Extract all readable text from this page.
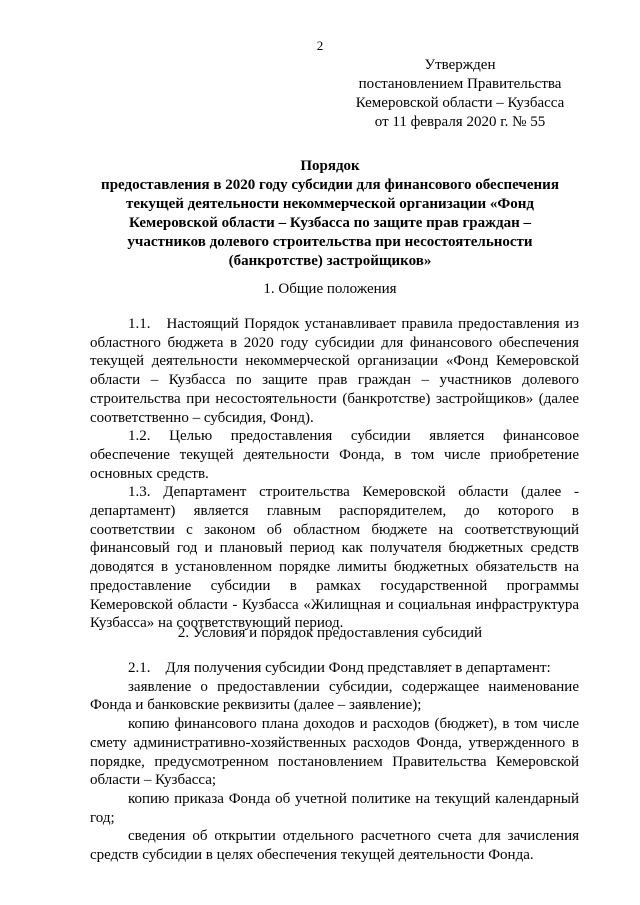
2
Утвержден
постановлением Правительства
Кемеровской области – Кузбасса
от 11 февраля 2020 г. № 55
Порядок
предоставления в 2020 году субсидии для финансового обеспечения
текущей деятельности некоммерческой организации «Фонд
Кемеровской области – Кузбасса по защите прав граждан –
участников долевого строительства при несостоятельности
(банкротстве) застройщиков»
1. Общие положения

1.1.   Настоящий Порядок устанавливает правила предоставления из областного бюджета в 2020 году субсидии для финансового обеспечения текущей деятельности некоммерческой организации «Фонд Кемеровской области – Кузбасса по защите прав граждан – участников долевого строительства при несостоятельности (банкротстве) застройщиков» (далее соответственно – субсидия, Фонд).

1.2. Целью предоставления субсидии является финансовое обеспечение текущей деятельности Фонда, в том числе приобретение основных средств.

1.3. Департамент строительства Кемеровской области (далее - департамент) является главным распорядителем, до которого в соответствии с законом об областном бюджете на соответствующий финансовый год и плановый период как получателя бюджетных средств доводятся в установленном порядке лимиты бюджетных обязательств на предоставление субсидии в рамках государственной программы Кемеровской области - Кузбасса «Жилищная и социальная инфраструктура Кузбасса» на соответствующий период.

2. Условия и порядок предоставления субсидий

2.1.    Для получения субсидии Фонд представляет в департамент:

заявление о предоставлении субсидии, содержащее наименование Фонда и банковские реквизиты (далее – заявление);

копию финансового плана доходов и расходов (бюджет), в том числе смету административно-хозяйственных расходов Фонда, утвержденного в порядке, предусмотренном постановлением Правительства Кемеровской области – Кузбасса;

копию приказа Фонда об учетной политике на текущий календарный год;

сведения об открытии отдельного расчетного счета для зачисления средств субсидии в целях обеспечения текущей деятельности Фонда.
